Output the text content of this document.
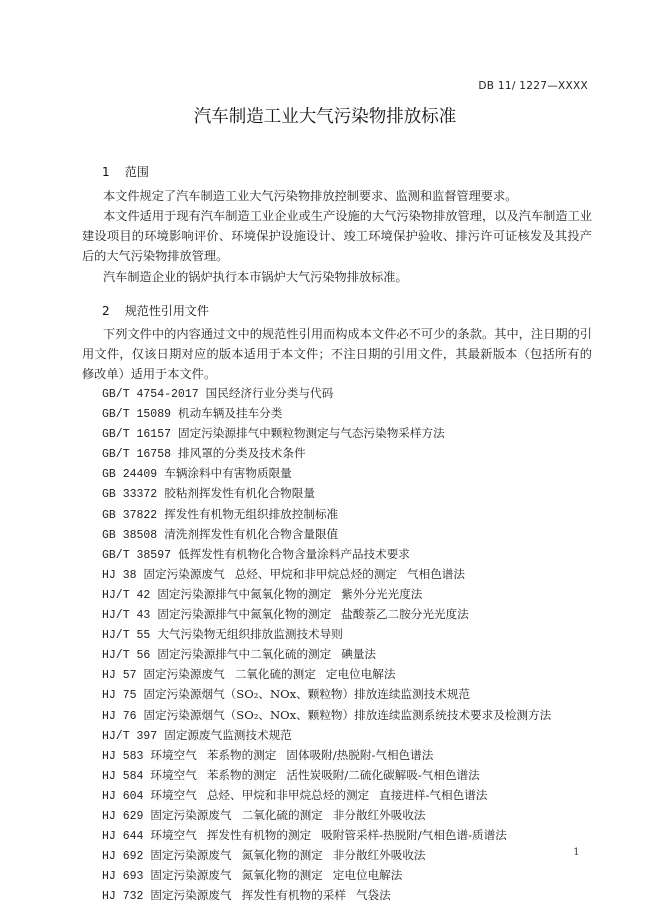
DB 11/ 1227—XXXX
汽车制造工业大气污染物排放标准
1 范围

本文件规定了汽车制造工业大气污染物排放控制要求、监测和监督管理要求。

本文件适用于现有汽车制造工业企业或生产设施的大气污染物排放管理，以及汽车制造工业建设项目的环境影响评价、环境保护设施设计、竣工环境保护验收、排污许可证核发及其投产后的大气污染物排放管理。

汽车制造企业的锅炉执行本市锅炉大气污染物排放标准。

2 规范性引用文件

下列文件中的内容通过文中的规范性引用而构成本文件必不可少的条款。其中，注日期的引用文件，仅该日期对应的版本适用于本文件；不注日期的引用文件，其最新版本（包括所有的修改单）适用于本文件。

GB/T 4754-2017 国民经济行业分类与代码
GB/T 15089 机动车辆及挂车分类
GB/T 16157 固定污染源排气中颗粒物测定与气态污染物采样方法
GB/T 16758 排风罩的分类及技术条件
GB 24409 车辆涂料中有害物质限量
GB 33372 胶粘剂挥发性有机化合物限量
GB 37822 挥发性有机物无组织排放控制标准
GB 38508 清洗剂挥发性有机化合物含量限值
GB/T 38597 低挥发性有机物化合物含量涂料产品技术要求
HJ 38 固定污染源废气 总烃、甲烷和非甲烷总烃的测定 气相色谱法
HJ/T 42 固定污染源排气中氮氧化物的测定 紫外分光光度法
HJ/T 43 固定污染源排气中氮氧化物的测定 盐酸萘乙二胺分光光度法
HJ/T 55 大气污染物无组织排放监测技术导则
HJ/T 56 固定污染源排气中二氧化硫的测定 碘量法
HJ 57 固定污染源废气 二氧化硫的测定 定电位电解法
HJ 75 固定污染源烟气（SO₂、NOx、颗粒物）排放连续监测技术规范
HJ 76 固定污染源烟气（SO₂、NOx、颗粒物）排放连续监测系统技术要求及检测方法
HJ/T 397 固定源废气监测技术规范
HJ 583 环境空气 苯系物的测定 固体吸附/热脱附-气相色谱法
HJ 584 环境空气 苯系物的测定 活性炭吸附/二硫化碳解吸-气相色谱法
HJ 604 环境空气 总烃、甲烷和非甲烷总烃的测定 直接进样-气相色谱法
HJ 629 固定污染源废气 二氧化硫的测定 非分散红外吸收法
HJ 644 环境空气 挥发性有机物的测定 吸附管采样-热脱附/气相色谱-质谱法
HJ 692 固定污染源废气 氮氧化物的测定 非分散红外吸收法
HJ 693 固定污染源废气 氮氧化物的测定 定电位电解法
HJ 732 固定污染源废气 挥发性有机物的采样 气袋法
1
